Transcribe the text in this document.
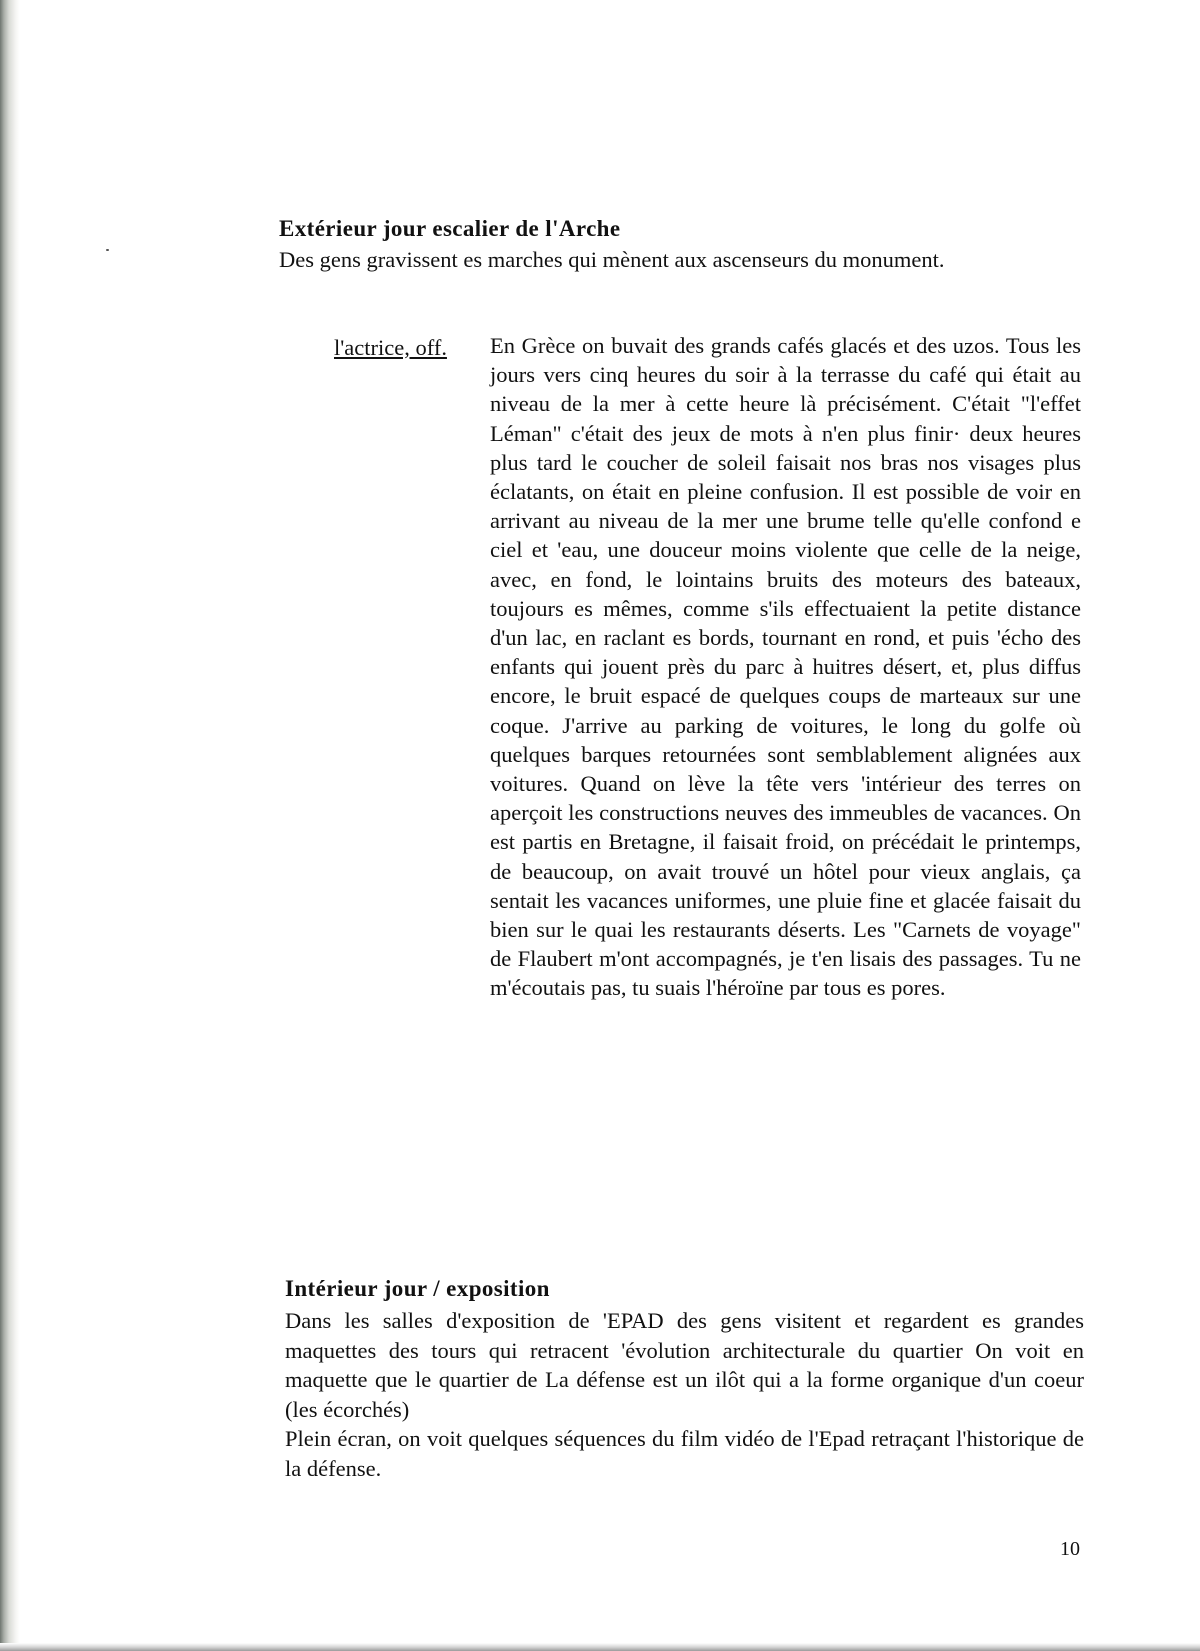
Extérieur jour escalier de l'Arche

Des gens gravissent es marches qui mènent aux ascenseurs du monument.

l'actrice, off. En Grèce on buvait des grands cafés glacés et des uzos. Tous les jours vers cinq heures du soir à la terrasse du café qui était au niveau de la mer à cette heure là précisément. C'était "l'effet Léman" c'était des jeux de mots à n'en plus finir· deux heures plus tard le coucher de soleil faisait nos bras nos visages plus éclatants, on était en pleine confusion. Il est possible de voir en arrivant au niveau de la mer une brume telle qu'elle confond e ciel et 'eau, une douceur moins violente que celle de la neige, avec, en fond, le lointains bruits des moteurs des bateaux, toujours es mêmes, comme s'ils effectuaient la petite distance d'un lac, en raclant es bords, tournant en rond, et puis 'écho des enfants qui jouent près du parc à huitres désert, et, plus diffus encore, le bruit espacé de quelques coups de marteaux sur une coque. J'arrive au parking de voitures, le long du golfe où quelques barques retournées sont semblablement alignées aux voitures. Quand on lève la tête vers 'intérieur des terres on aperçoit les constructions neuves des immeubles de vacances. On est partis en Bretagne, il faisait froid, on précédait le printemps, de beaucoup, on avait trouvé un hôtel pour vieux anglais, ça sentait les vacances uniformes, une pluie fine et glacée faisait du bien sur le quai les restaurants déserts. Les "Carnets de voyage" de Flaubert m'ont accompagnés, je t'en lisais des passages. Tu ne m'écoutais pas, tu suais l'héroïne par tous es pores.

Intérieur jour / exposition
Dans les salles d'exposition de 'EPAD des gens visitent et regardent es grandes maquettes des tours qui retracent 'évolution architecturale du quartier On voit en maquette que le quartier de La défense est un ilôt qui a la forme organique d'un coeur (les écorchés)
Plein écran, on voit quelques séquences du film vidéo de l'Epad retraçant l'historique de la défense.
10
